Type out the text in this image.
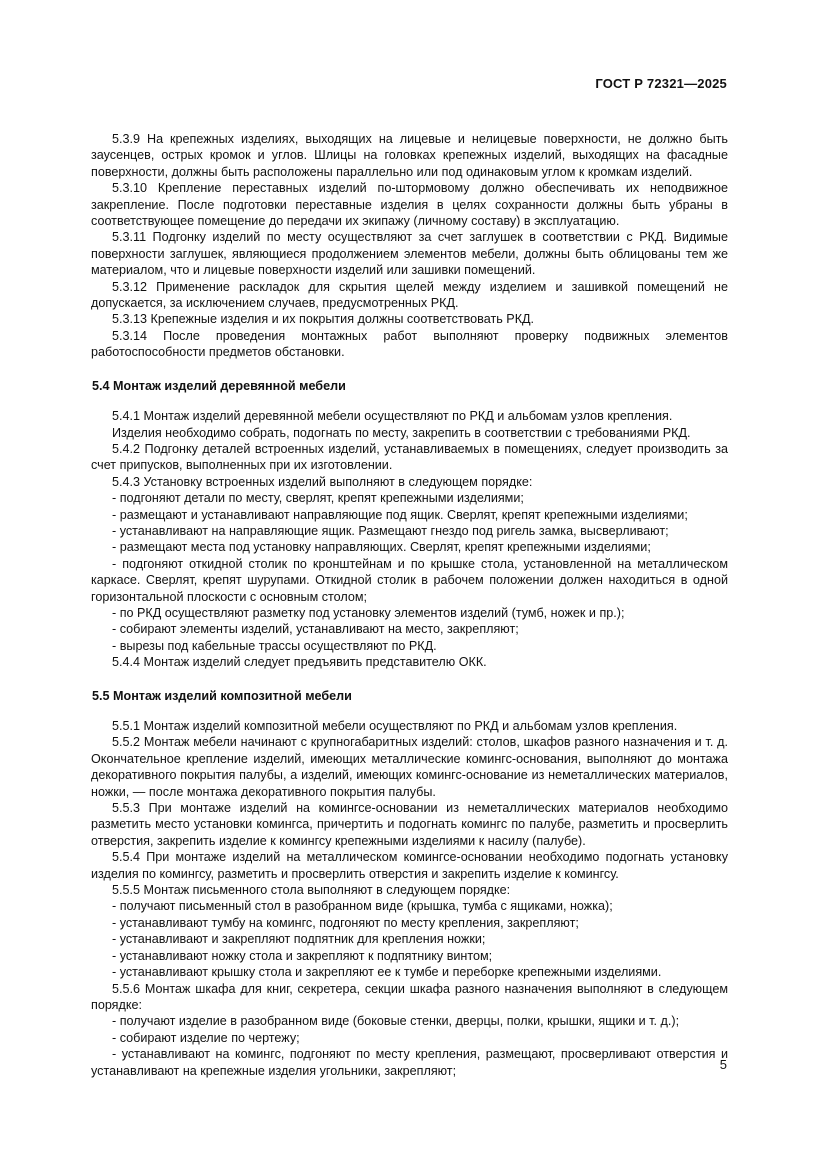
ГОСТ Р 72321—2025

5.3.9 На крепежных изделиях, выходящих на лицевые и нелицевые поверхности, не должно быть заусенцев, острых кромок и углов. Шлицы на головках крепежных изделий, выходящих на фасадные поверхности, должны быть расположены параллельно или под одинаковым углом к кромкам изделий.

5.3.10 Крепление переставных изделий по-штормовому должно обеспечивать их неподвижное закрепление. После подготовки переставные изделия в целях сохранности должны быть убраны в соответствующее помещение до передачи их экипажу (личному составу) в эксплуатацию.

5.3.11 Подгонку изделий по месту осуществляют за счет заглушек в соответствии с РКД. Видимые поверхности заглушек, являющиеся продолжением элементов мебели, должны быть облицованы тем же материалом, что и лицевые поверхности изделий или зашивки помещений.

5.3.12 Применение раскладок для скрытия щелей между изделием и зашивкой помещений не допускается, за исключением случаев, предусмотренных РКД.

5.3.13 Крепежные изделия и их покрытия должны соответствовать РКД.

5.3.14 После проведения монтажных работ выполняют проверку подвижных элементов работоспособности предметов обстановки.

5.4 Монтаж изделий деревянной мебели

5.4.1 Монтаж изделий деревянной мебели осуществляют по РКД и альбомам узлов крепления.

Изделия необходимо собрать, подогнать по месту, закрепить в соответствии с требованиями РКД.

5.4.2 Подгонку деталей встроенных изделий, устанавливаемых в помещениях, следует производить за счет припусков, выполненных при их изготовлении.

5.4.3 Установку встроенных изделий выполняют в следующем порядке:

- подгоняют детали по месту, сверлят, крепят крепежными изделиями;

- размещают и устанавливают направляющие под ящик. Сверлят, крепят крепежными изделиями;

- устанавливают на направляющие ящик. Размещают гнездо под ригель замка, высверливают;

- размещают места под установку направляющих. Сверлят, крепят крепежными изделиями;

- подгоняют откидной столик по кронштейнам и по крышке стола, установленной на металлическом каркасе. Сверлят, крепят шурупами. Откидной столик в рабочем положении должен находиться в одной горизонтальной плоскости с основным столом;

- по РКД осуществляют разметку под установку элементов изделий (тумб, ножек и пр.);

- собирают элементы изделий, устанавливают на место, закрепляют;

- вырезы под кабельные трассы осуществляют по РКД.

5.4.4 Монтаж изделий следует предъявить представителю ОКК.

5.5 Монтаж изделий композитной мебели

5.5.1 Монтаж изделий композитной мебели осуществляют по РКД и альбомам узлов крепления.

5.5.2 Монтаж мебели начинают с крупногабаритных изделий: столов, шкафов разного назначения и т. д. Окончательное крепление изделий, имеющих металлические комингс-основания, выполняют до монтажа декоративного покрытия палубы, а изделий, имеющих комингс-основание из неметаллических материалов, ножки, — после монтажа декоративного покрытия палубы.

5.5.3 При монтаже изделий на комингсе-основании из неметаллических материалов необходимо разметить место установки комингса, причертить и подогнать комингс по палубе, разметить и просверлить отверстия, закрепить изделие к комингсу крепежными изделиями к насилу (палубе).

5.5.4 При монтаже изделий на металлическом комингсе-основании необходимо подогнать установку изделия по комингсу, разметить и просверлить отверстия и закрепить изделие к комингсу.

5.5.5 Монтаж письменного стола выполняют в следующем порядке:

- получают письменный стол в разобранном виде (крышка, тумба с ящиками, ножка);

- устанавливают тумбу на комингс, подгоняют по месту крепления, закрепляют;

- устанавливают и закрепляют подпятник для крепления ножки;

- устанавливают ножку стола и закрепляют к подпятнику винтом;

- устанавливают крышку стола и закрепляют ее к тумбе и переборке крепежными изделиями.

5.5.6 Монтаж шкафа для книг, секретера, секции шкафа разного назначения выполняют в следующем порядке:

- получают изделие в разобранном виде (боковые стенки, дверцы, полки, крышки, ящики и т. д.);

- собирают изделие по чертежу;

- устанавливают на комингс, подгоняют по месту крепления, размещают, просверливают отверстия и устанавливают на крепежные изделия угольники, закрепляют;	5
